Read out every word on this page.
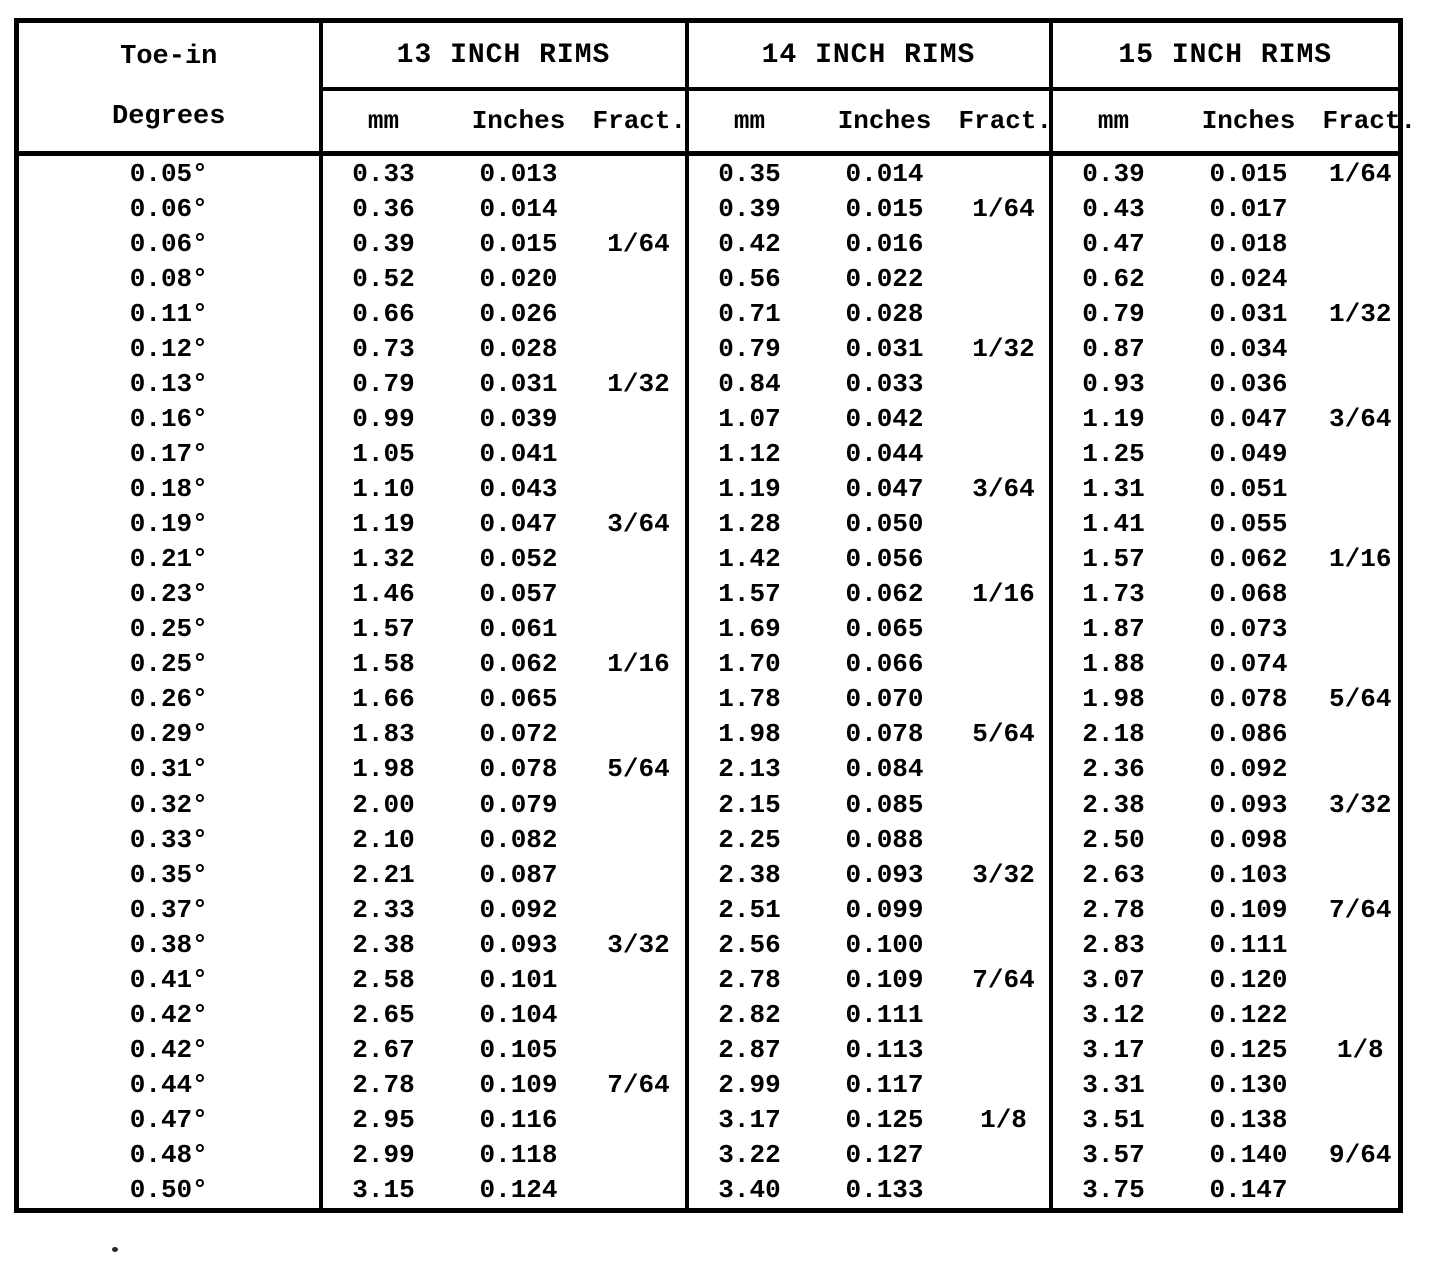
Toe-in
Degrees	13 INCH RIMS	14 INCH RIMS	15 INCH RIMS

	mm Inches Fract.	mm Inches Fract.	mm Inches Fract.

0.05°	0.33 0.013	0.35 0.014	0.39 0.015 1/64

0.06°	0.36 0.014	0.39 0.015 1/64	0.43 0.017

0.06°	0.39 0.015 1/64	0.42 0.016	0.47 0.018

0.08°	0.52 0.020	0.56 0.022	0.62 0.024

0.11°	0.66 0.026	0.71 0.028	0.79 0.031 1/32

0.12°	0.73 0.028	0.79 0.031 1/32	0.87 0.034

0.13°	0.79 0.031 1/32	0.84 0.033	0.93 0.036

0.16°	0.99 0.039	1.07 0.042	1.19 0.047 3/64

0.17°	1.05 0.041	1.12 0.044	1.25 0.049

0.18°	1.10 0.043	1.19 0.047 3/64	1.31 0.051

0.19°	1.19 0.047 3/64	1.28 0.050	1.41 0.055

0.21°	1.32 0.052	1.42 0.056	1.57 0.062 1/16

0.23°	1.46 0.057	1.57 0.062 1/16	1.73 0.068

0.25°	1.57 0.061	1.69 0.065	1.87 0.073

0.25°	1.58 0.062 1/16	1.70 0.066	1.88 0.074

0.26°	1.66 0.065	1.78 0.070	1.98 0.078 5/64

0.29°	1.83 0.072	1.98 0.078 5/64	2.18 0.086

0.31°	1.98 0.078 5/64	2.13 0.084	2.36 0.092

0.32°	2.00 0.079	2.15 0.085	2.38 0.093 3/32

0.33°	2.10 0.082	2.25 0.088	2.50 0.098

0.35°	2.21 0.087	2.38 0.093 3/32	2.63 0.103

0.37°	2.33 0.092	2.51 0.099	2.78 0.109 7/64

0.38°	2.38 0.093 3/32	2.56 0.100	2.83 0.111

0.41°	2.58 0.101	2.78 0.109 7/64	3.07 0.120

0.42°	2.65 0.104	2.82 0.111	3.12 0.122

0.42°	2.67 0.105	2.87 0.113	3.17 0.125 1/8

0.44°	2.78 0.109 7/64	2.99 0.117	3.31 0.130

0.47°	2.95 0.116	3.17 0.125 1/8	3.51 0.138

0.48°	2.99 0.118	3.22 0.127	3.57 0.140 9/64

0.50°	3.15 0.124	3.40 0.133	3.75 0.147
